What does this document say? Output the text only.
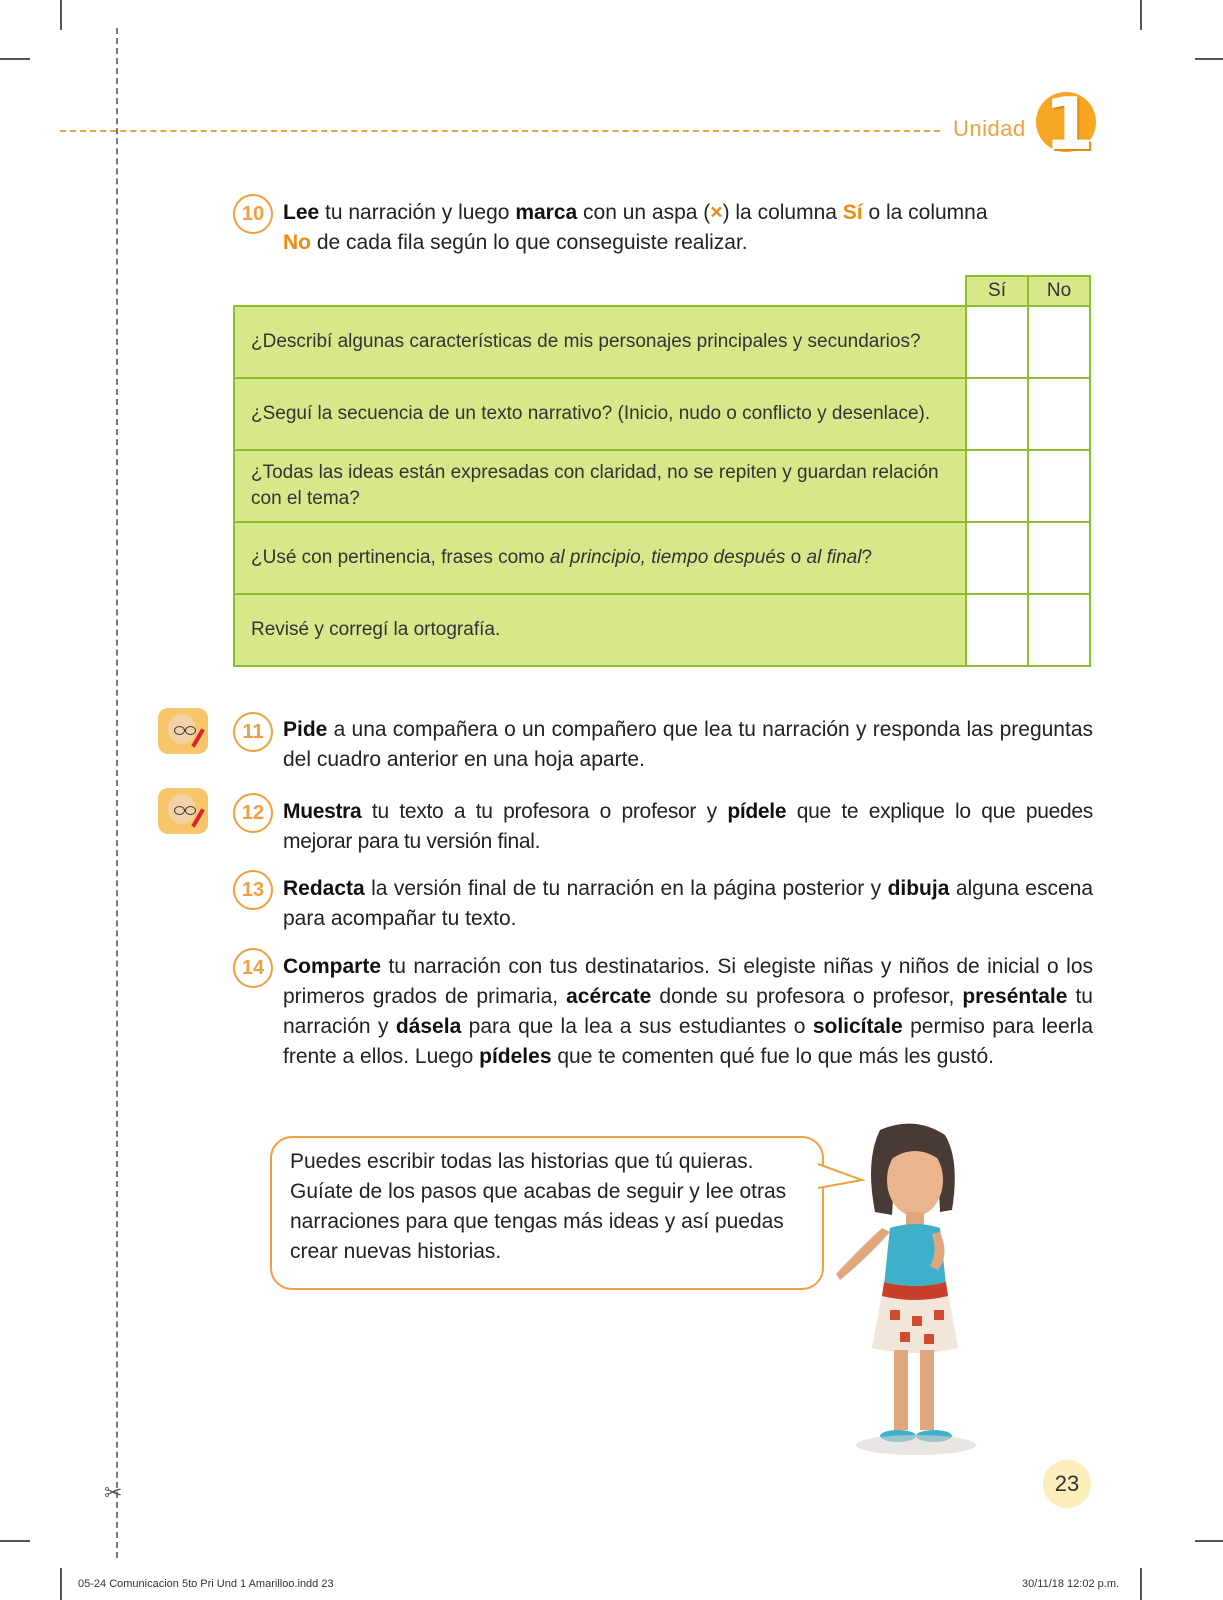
Unidad 1
✂
10 Lee tu narración y luego marca con un aspa (×) la columna Sí o la columna
No de cada fila según lo que conseguiste realizar.
	Sí	No
¿Describí algunas características de mis personajes principales y secundarios?		
¿Seguí la secuencia de un texto narrativo? (Inicio, nudo o conflicto y desenlace).		
¿Todas las ideas están expresadas con claridad, no se repiten y guardan relación con el tema?		
¿Usé con pertinencia, frases como al principio, tiempo después o al final?		
Revisé y corregí la ortografía.		
11 Pide a una compañera o un compañero que lea tu narración y responda las preguntas del cuadro anterior en una hoja aparte.
12 Muestra tu texto a tu profesora o profesor y pídele que te explique lo que puedes mejorar para tu versión final.
13 Redacta la versión final de tu narración en la página posterior y dibuja alguna escena para acompañar tu texto.
14 Comparte tu narración con tus destinatarios. Si elegiste niñas y niños de inicial o los primeros grados de primaria, acércate donde su profesora o profesor, preséntale tu narración y dásela para que la lea a sus estudiantes o solicítale permiso para leerla frente a ellos. Luego pídeles que te comenten qué fue lo que más les gustó.
Puedes escribir todas las historias que tú quieras. Guíate de los pasos que acabas de seguir y lee otras narraciones para que tengas más ideas y así puedas crear nuevas historias.
23
05-24 Comunicacion 5to Pri Und 1 Amarilloo.indd 23	30/11/18 12:02 p.m.
